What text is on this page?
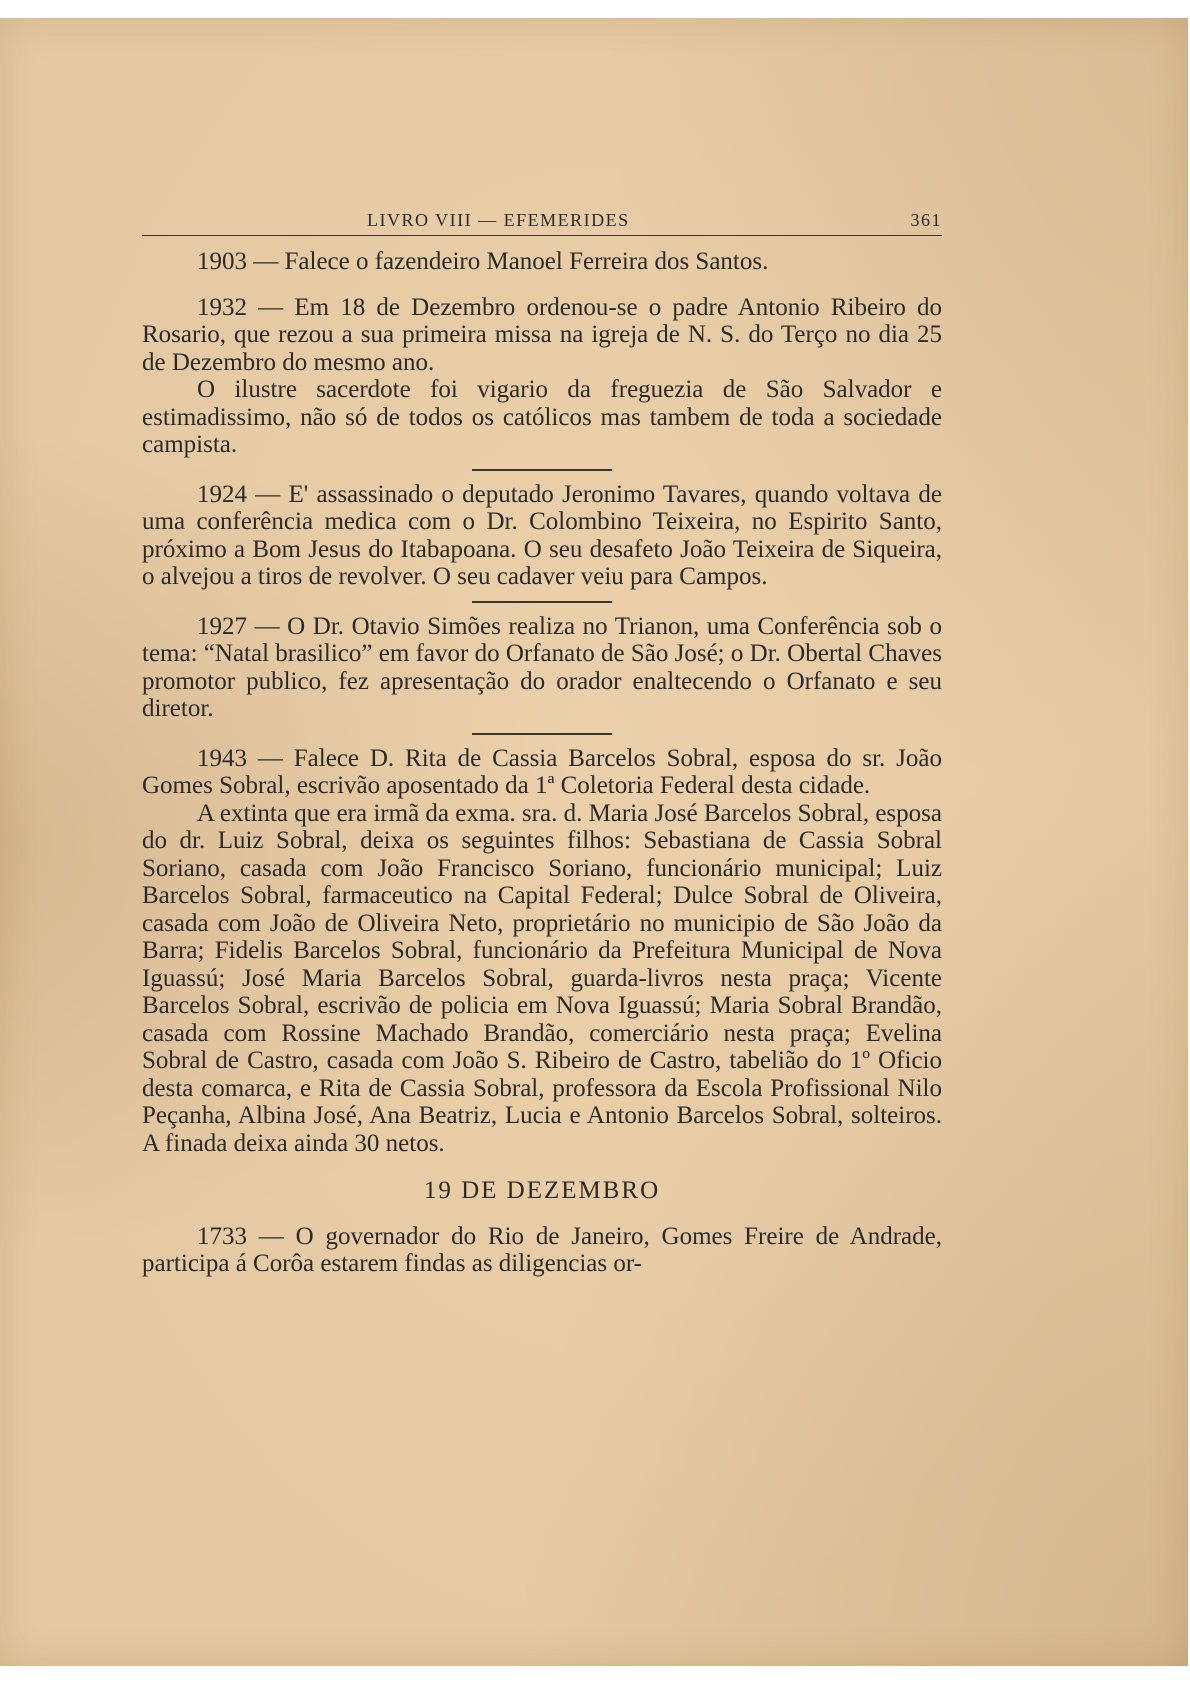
LIVRO VIII — EFEMERIDES	361

1903 — Falece o fazendeiro Manoel Ferreira dos Santos.

1932 — Em 18 de Dezembro ordenou-se o padre Antonio Ribeiro do Rosario, que rezou a sua primeira missa na igreja de N. S. do Terço no dia 25 de Dezembro do mesmo ano.

O ilustre sacerdote foi vigario da freguezia de São Salvador e estimadissimo, não só de todos os católicos mas tambem de toda a sociedade campista.

1924 — E' assassinado o deputado Jeronimo Tavares, quando voltava de uma conferência medica com o Dr. Colombino Teixeira, no Espirito Santo, próximo a Bom Jesus do Itabapoana. O seu desafeto João Teixeira de Siqueira, o alvejou a tiros de revolver. O seu cadaver veiu para Campos.

1927 — O Dr. Otavio Simões realiza no Trianon, uma Conferência sob o tema: “Natal brasilico” em favor do Orfanato de São José; o Dr. Obertal Chaves promotor publico, fez apresentação do orador enaltecendo o Orfanato e seu diretor.

1943 — Falece D. Rita de Cassia Barcelos Sobral, esposa do sr. João Gomes Sobral, escrivão aposentado da 1ª Coletoria Federal desta cidade.

A extinta que era irmã da exma. sra. d. Maria José Barcelos Sobral, esposa do dr. Luiz Sobral, deixa os seguintes filhos: Sebastiana de Cassia Sobral Soriano, casada com João Francisco Soriano, funcionário municipal; Luiz Barcelos Sobral, farmaceutico na Capital Federal; Dulce Sobral de Oliveira, casada com João de Oliveira Neto, proprietário no municipio de São João da Barra; Fidelis Barcelos Sobral, funcionário da Prefeitura Municipal de Nova Iguassú; José Maria Barcelos Sobral, guarda-livros nesta praça; Vicente Barcelos Sobral, escrivão de policia em Nova Iguassú; Maria Sobral Brandão, casada com Rossine Machado Brandão, comerciário nesta praça; Evelina Sobral de Castro, casada com João S. Ribeiro de Castro, tabelião do 1º Oficio desta comarca, e Rita de Cassia Sobral, professora da Escola Profissional Nilo Peçanha, Albina José, Ana Beatriz, Lucia e Antonio Barcelos Sobral, solteiros. A finada deixa ainda 30 netos.

19 DE DEZEMBRO

1733 — O governador do Rio de Janeiro, Gomes Freire de Andrade, participa á Corôa estarem findas as diligencias or-
